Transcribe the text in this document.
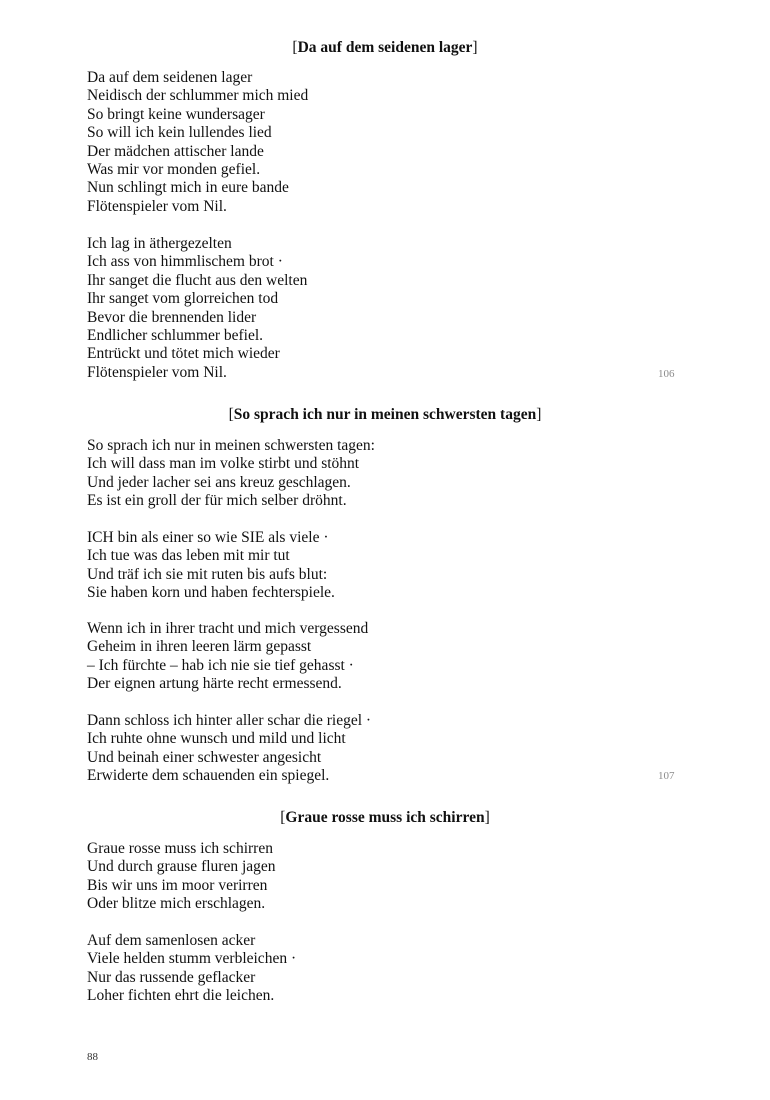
[Da auf dem seidenen lager]
Da auf dem seidenen lager
Neidisch der schlummer mich mied
So bringt keine wundersager
So will ich kein lullendes lied
Der mädchen attischer lande
Was mir vor monden gefiel.
Nun schlingt mich in eure bande
Flötenspieler vom Nil.
Ich lag in äthergezelten
Ich ass von himmlischem brot ·
Ihr sanget die flucht aus den welten
Ihr sanget vom glorreichen tod
Bevor die brennenden lider
Endlicher schlummer befiel.
Entrückt und tötet mich wieder
Flötenspieler vom Nil.	106
[So sprach ich nur in meinen schwersten tagen]
So sprach ich nur in meinen schwersten tagen:
Ich will dass man im volke stirbt und stöhnt
Und jeder lacher sei ans kreuz geschlagen.
Es ist ein groll der für mich selber dröhnt.
ICH bin als einer so wie SIE als viele ·
Ich tue was das leben mit mir tut
Und träf ich sie mit ruten bis aufs blut:
Sie haben korn und haben fechterspiele.
Wenn ich in ihrer tracht und mich vergessend
Geheim in ihren leeren lärm gepasst
– Ich fürchte – hab ich nie sie tief gehasst ·
Der eignen artung härte recht ermessend.
Dann schloss ich hinter aller schar die riegel ·
Ich ruhte ohne wunsch und mild und licht
Und beinah einer schwester angesicht
Erwiderte dem schauenden ein spiegel.	107
[Graue rosse muss ich schirren]
Graue rosse muss ich schirren
Und durch grause fluren jagen
Bis wir uns im moor verirren
Oder blitze mich erschlagen.
Auf dem samenlosen acker
Viele helden stumm verbleichen ·
Nur das russende geflacker
Loher fichten ehrt die leichen.
88
